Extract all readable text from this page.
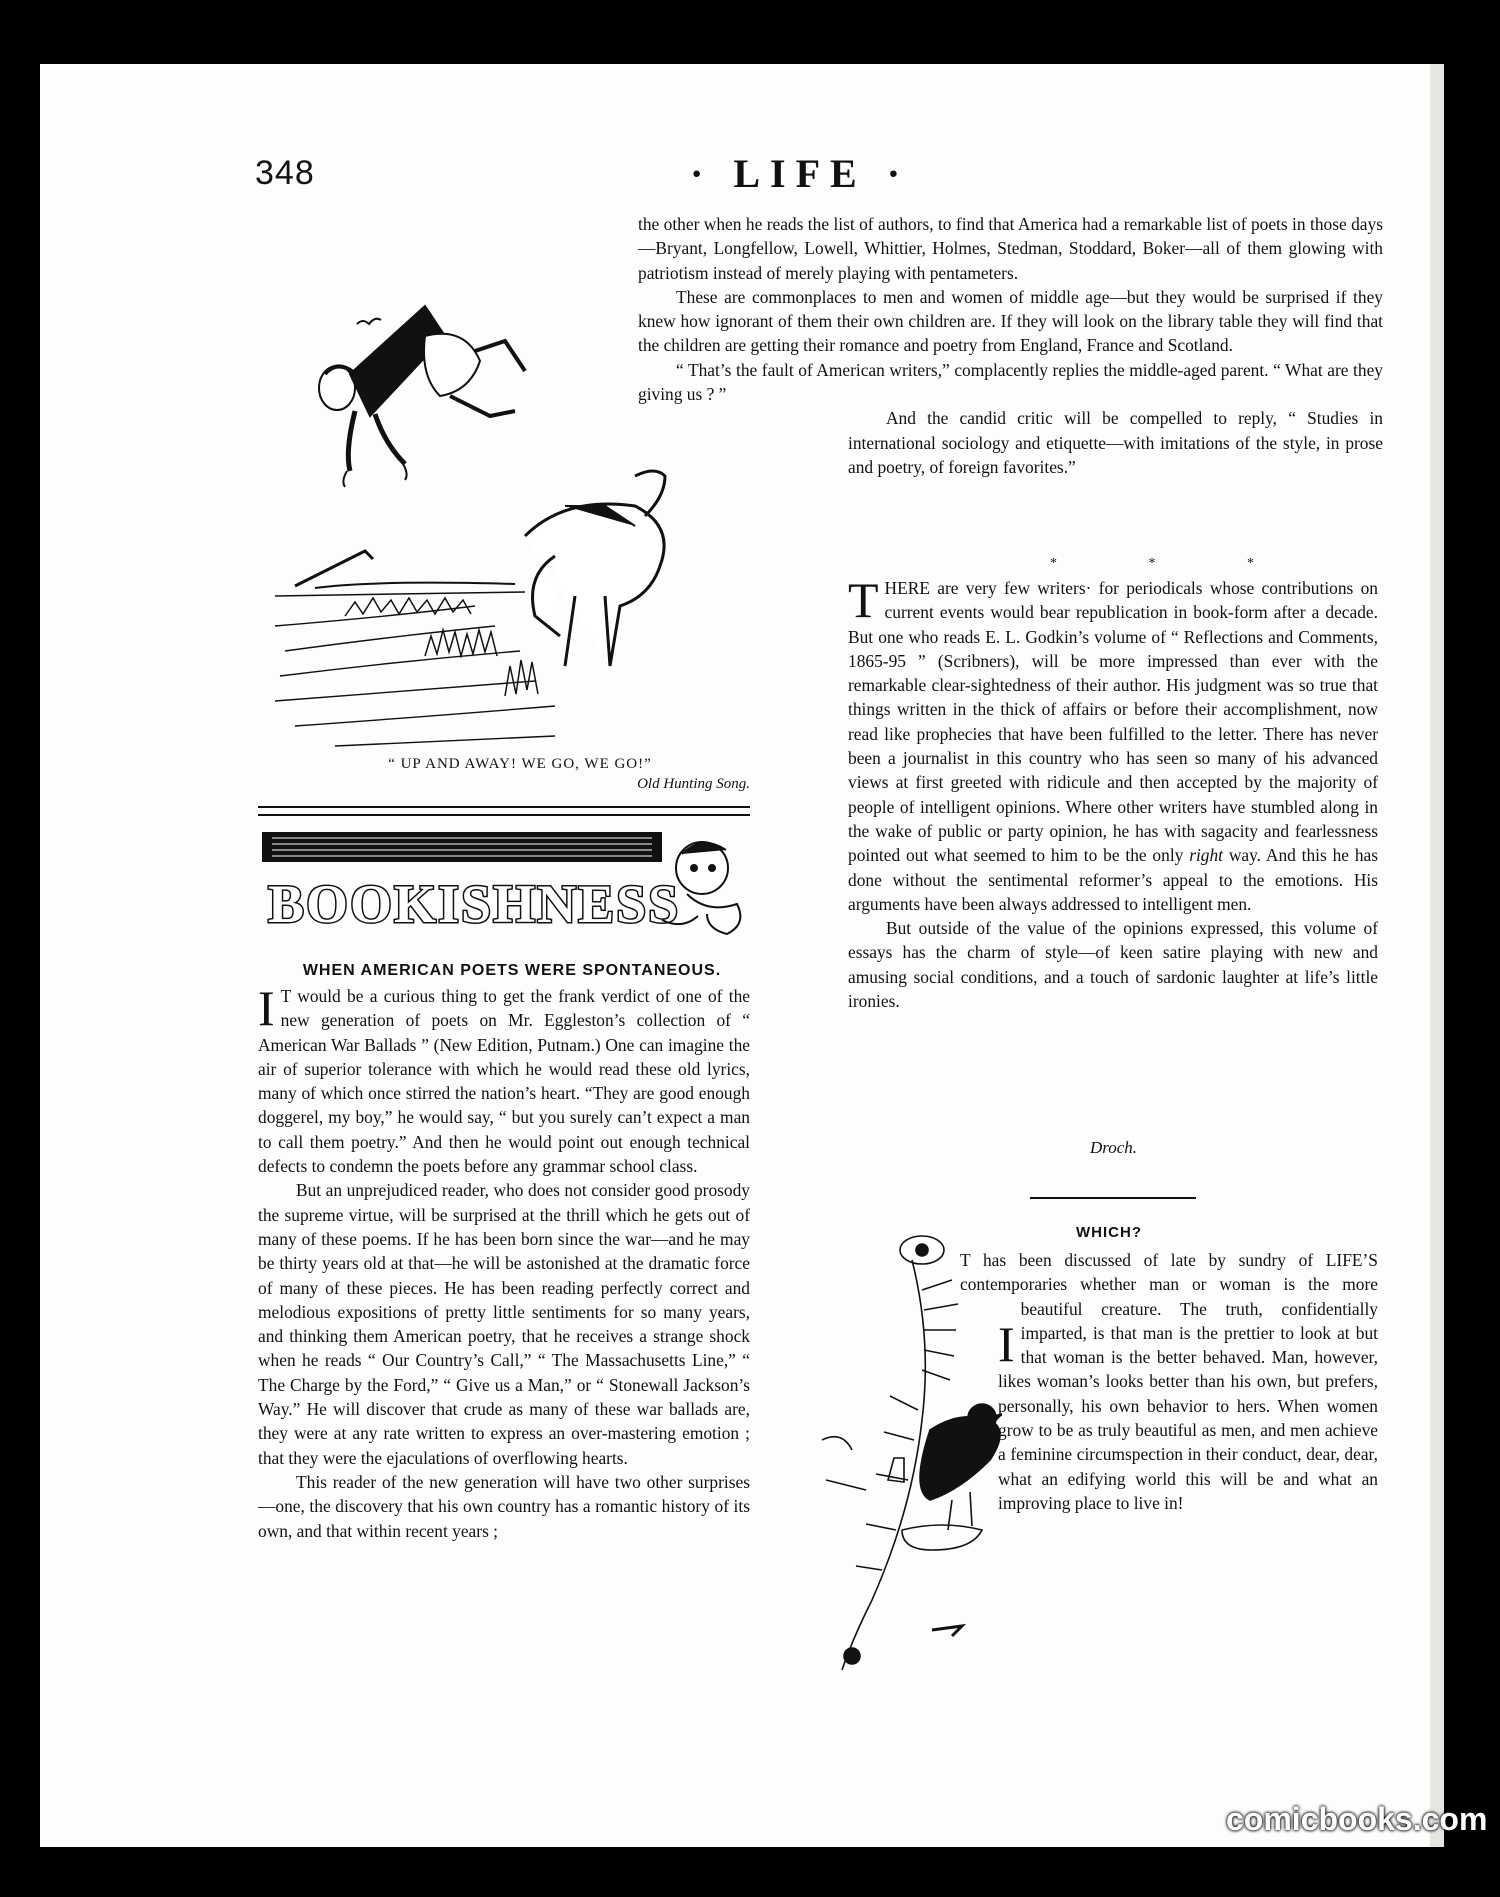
348	· LIFE ·

the other when he reads the list of authors, to find that America had a remarkable list of poets in those days—Bryant, Longfellow, Lowell, Whittier, Holmes, Stedman, Stoddard, Boker—all of them glowing with patriotism instead of merely playing with pentameters.

These are commonplaces to men and women of middle age—but they would be surprised if they knew how ignorant of them their own children are. If they will look on the library table they will find that the children are getting their romance and poetry from England, France and Scotland.

“ That’s the fault of American writers,” complacently replies the middle-aged parent. “ What are they giving us ? ”

And the candid critic will be compelled to reply, “ Studies in international sociology and etiquette—with imitations of the style, in prose and poetry, of foreign favorites.”

“ UP AND AWAY! WE GO, WE GO!”
Old Hunting Song.
BOOKISHNESS
WHEN AMERICAN POETS WERE SPONTANEOUS.

I T would be a curious thing to get the frank verdict of one of the new generation of poets on Mr. Eggleston’s collection of “ American War Ballads ” (New Edition, Putnam.) One can imagine the air of superior tolerance with which he would read these old lyrics, many of which once stirred the nation’s heart. “They are good enough doggerel, my boy,” he would say, “ but you surely can’t expect a man to call them poetry.” And then he would point out enough technical defects to condemn the poets before any grammar school class.

But an unprejudiced reader, who does not consider good prosody the supreme virtue, will be surprised at the thrill which he gets out of many of these poems. If he has been born since the war—and he may be thirty years old at that—he will be astonished at the dramatic force of many of these pieces. He has been reading perfectly correct and melodious expositions of pretty little sentiments for so many years, and thinking them American poetry, that he receives a strange shock when he reads “ Our Country’s Call,” “ The Massachusetts Line,” “ The Charge by the Ford,” “ Give us a Man,” or “ Stonewall Jackson’s Way.” He will discover that crude as many of these war ballads are, they were at any rate written to express an over-mastering emotion ; that they were the ejaculations of overflowing hearts.

This reader of the new generation will have two other surprises—one, the discovery that his own country has a romantic history of its own, and that within recent years ;

* * *

THERE are very few writers· for periodicals whose contributions on current events would bear republication in book-form after a decade. But one who reads E. L. Godkin’s volume of “ Reflections and Comments, 1865-95 ” (Scribners), will be more impressed than ever with the remarkable clear-sightedness of their author. His judgment was so true that things written in the thick of affairs or before their accomplishment, now read like prophecies that have been fulfilled to the letter. There has never been a journalist in this country who has seen so many of his advanced views at first greeted with ridicule and then accepted by the majority of people of intelligent opinions. Where other writers have stumbled along in the wake of public or party opinion, he has with sagacity and fearlessness pointed out what seemed to him to be the only right way. And this he has done without the sentimental reformer’s appeal to the emotions. His arguments have been always addressed to intelligent men.

But outside of the value of the opinions expressed, this volume of essays has the charm of style—of keen satire playing with new and amusing social conditions, and a touch of sardonic laughter at life’s little ironies.

Droch.
WHICH?

I
T has been discussed of late by sundry of LIFE’S contemporaries whether man or woman is the more beautiful creature. The truth, confidentially imparted, is that man is the prettier to look at but that woman is the better behaved. Man, however, likes woman’s looks better than his own, but prefers, personally, his own behavior to hers. When women grow to be as truly beautiful as men, and men achieve a feminine circumspection in their conduct, dear, dear, what an edifying world this will be and what an improving place to live in!

comicbooks.com
